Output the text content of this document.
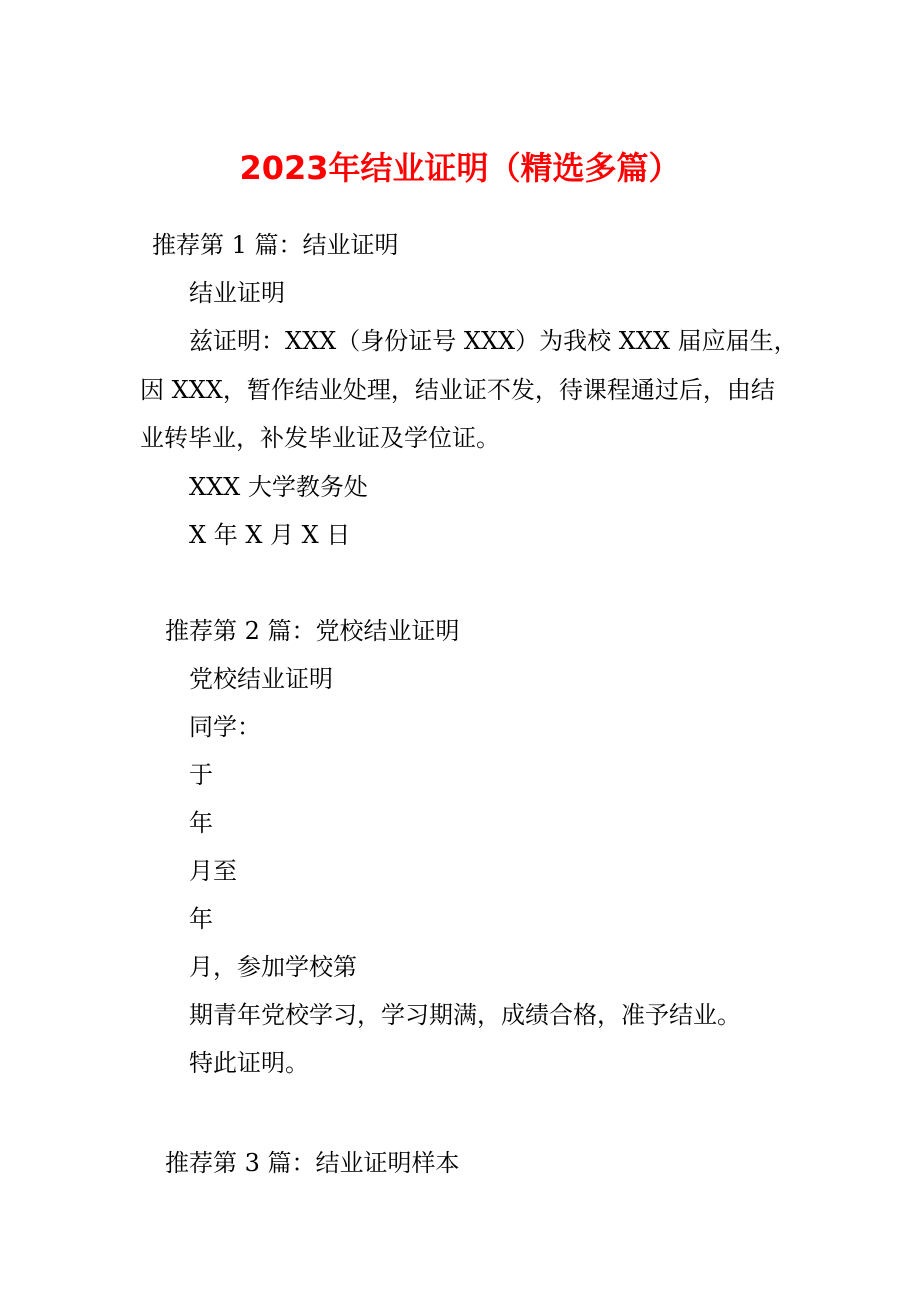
2023年结业证明（精选多篇）
推荐第 1 篇：结业证明
结业证明
兹证明：XXX（身份证号 XXX）为我校 XXX 届应届生，
因 XXX，暂作结业处理，结业证不发，待课程通过后，由结
业转毕业，补发毕业证及学位证。
XXX 大学教务处
X 年 X 月 X 日
推荐第 2 篇：党校结业证明
党校结业证明
同学：
于
年
月至
年
月，参加学校第
期青年党校学习，学习期满，成绩合格，准予结业。
特此证明。
推荐第 3 篇：结业证明样本
